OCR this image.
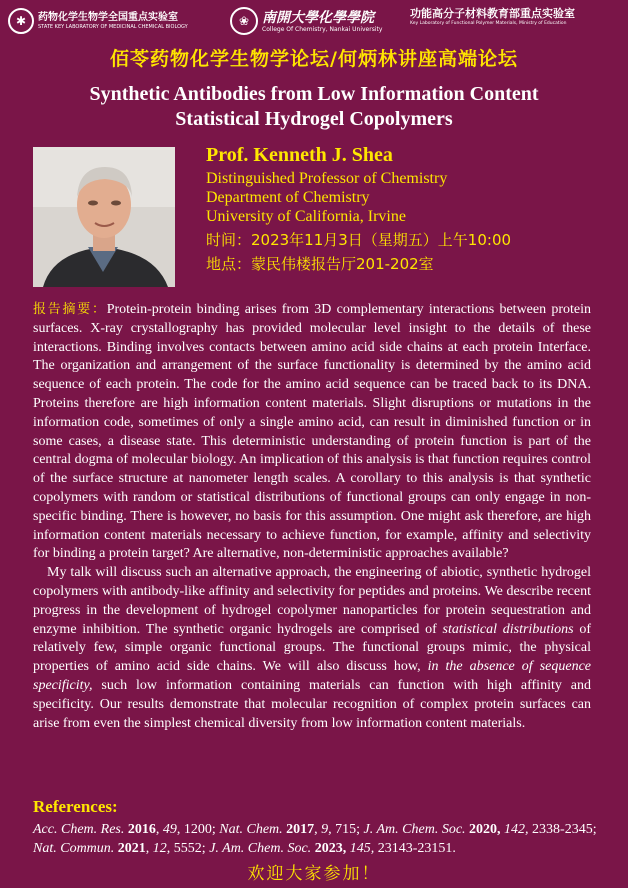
✱	药物化学生物学全国重点实验室
STATE KEY LABORATORY OF MEDICINAL CHEMICAL BIOLOGY	❀ 南開大學化學學院
College Of Chemistry, Nankai University
功能高分子材料教育部重点实验室
Key Laboratory of Functional Polymer Materials, Ministry of Education
佰苓药物化学生物学论坛/何炳林讲座高端论坛
Synthetic Antibodies from Low Information Content
Statistical Hydrogel Copolymers
Prof. Kenneth J. Shea
Distinguished Professor of Chemistry
Department of Chemistry
University of California, Irvine
时间：2023年11月3日（星期五）上午10:00
地点：蒙民伟楼报告厅201-202室

报告摘要：Protein-protein binding arises from 3D complementary interactions between protein surfaces. X-ray crystallography has provided molecular level insight to the details of these interactions. Binding involves contacts between amino acid side chains at each protein Interface. The organization and arrangement of the surface functionality is determined by the amino acid sequence of each protein. The code for the amino acid sequence can be traced back to its DNA. Proteins therefore are high information content materials. Slight disruptions or mutations in the information code, sometimes of only a single amino acid, can result in diminished function or in some cases, a disease state. This deterministic understanding of protein function is part of the central dogma of molecular biology. An implication of this analysis is that function requires control of the surface structure at nanometer length scales. A corollary to this analysis is that synthetic copolymers with random or statistical distributions of functional groups can only engage in non-specific binding. There is however, no basis for this assumption. One might ask therefore, are high information content materials necessary to achieve function, for example, affinity and selectivity for binding a protein target? Are alternative, non-deterministic approaches available?

My talk will discuss such an alternative approach, the engineering of abiotic, synthetic hydrogel copolymers with antibody-like affinity and selectivity for peptides and proteins. We describe recent progress in the development of hydrogel copolymer nanoparticles for protein sequestration and enzyme inhibition. The synthetic organic hydrogels are comprised of statistical distributions of relatively few, simple organic functional groups. The functional groups mimic, the physical properties of amino acid side chains. We will also discuss how, in the absence of sequence specificity, such low information containing materials can function with high affinity and specificity. Our results demonstrate that molecular recognition of complex protein surfaces can arise from even the simplest chemical diversity from low information content materials.

References:
Acc. Chem. Res. 2016, 49, 1200; Nat. Chem. 2017, 9, 715; J. Am. Chem. Soc. 2020, 142, 2338-2345; Nat. Commun. 2021, 12, 5552; J. Am. Chem. Soc. 2023, 145, 23143-23151.
欢迎大家参加！
